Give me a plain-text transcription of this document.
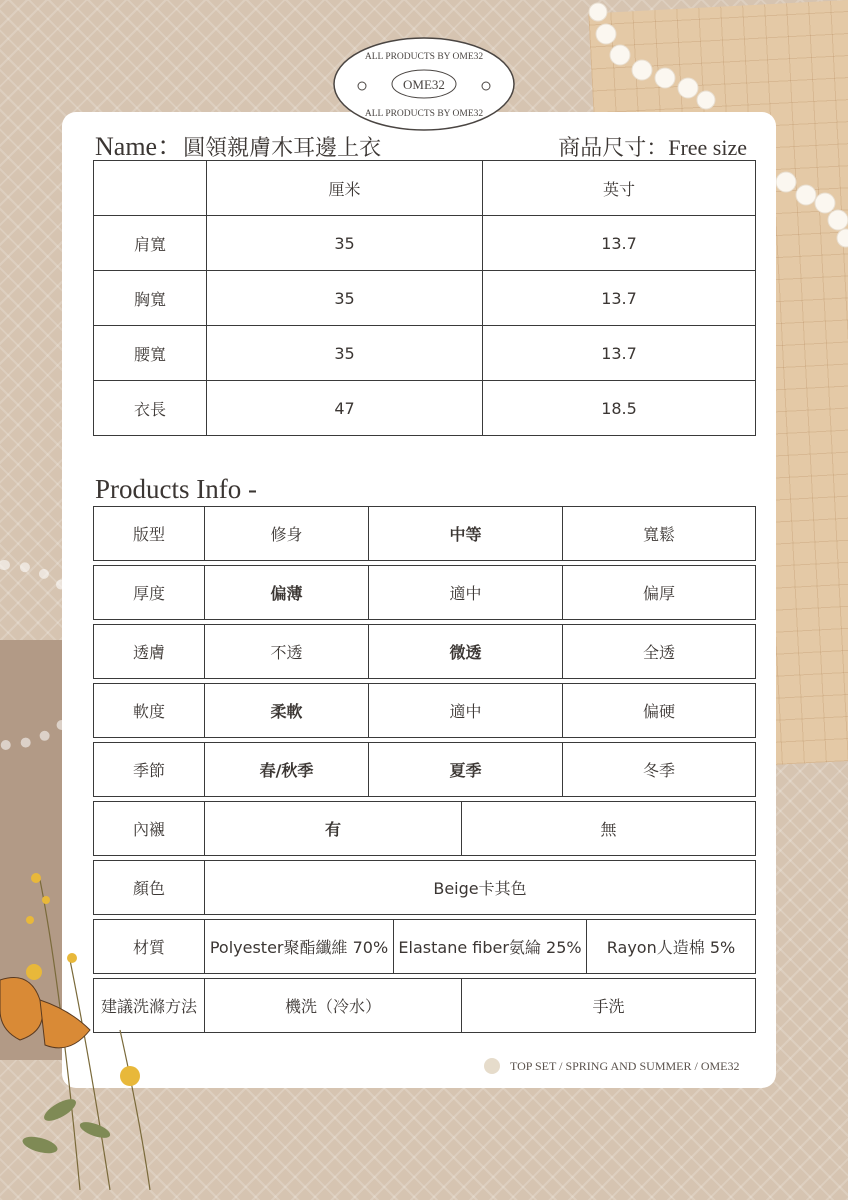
ALL PRODUCTS BY OME32
OME32
ALL PRODUCTS BY OME32
Name：圓領親膚木耳邊上衣	商品尺寸：Free size
	厘米	英寸
肩寬	35	13.7
胸寬	35	13.7
腰寬	35	13.7
衣長	47	18.5
Products Info -
版型	修身	中等	寬鬆
厚度	偏薄	適中	偏厚
透膚	不透	微透	全透
軟度	柔軟	適中	偏硬
季節	春/秋季	夏季	冬季
內襯	有	無
顏色	Beige卡其色
材質	Polyester聚酯纖維 70%	Elastane fiber氨綸 25%	Rayon人造棉 5%
建議洗滌方法	機洗（冷水）	手洗
TOP SET / SPRING AND SUMMER / OME32
